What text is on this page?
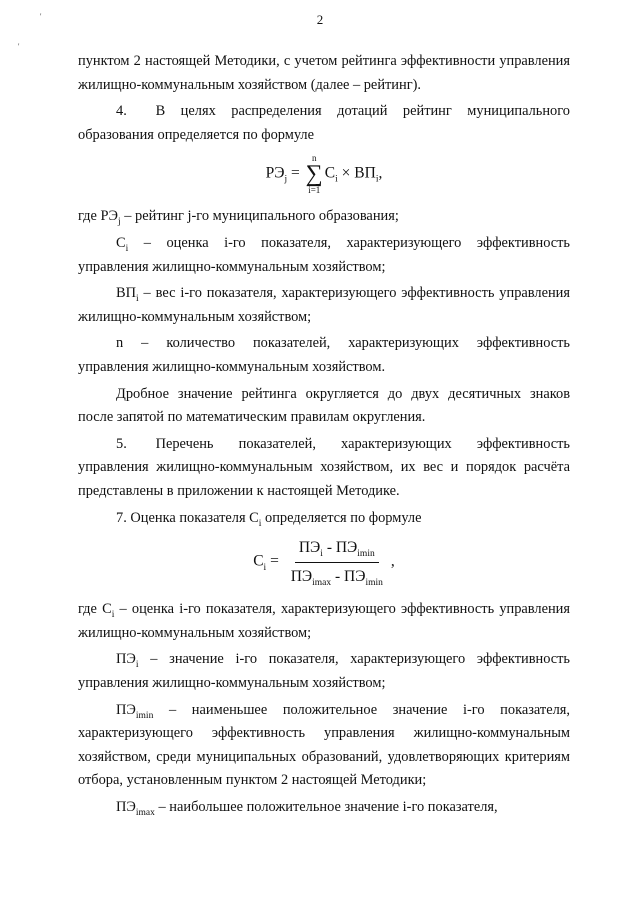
2
'
'

пунктом 2 настоящей Методики, с учетом рейтинга эффективности управления жилищно-коммунальным хозяйством (далее – рейтинг).

4.   В целях распределения дотаций рейтинг муниципального образования определяется по формуле

$РЭ_j$ =
n
∑
i=1
$C_i \times ВП_i$,

где $РЭ_j$ – рейтинг j-го муниципального образования;

$C_i$ – оценка i-го показателя, характеризующего эффективность управления жилищно-коммунальным хозяйством;

$ВП_i$ – вес i-го показателя, характеризующего эффективность управления жилищно-коммунальным хозяйством;

n – количество показателей, характеризующих эффективность управления жилищно-коммунальным хозяйством.

Дробное значение рейтинга округляется до двух десятичных знаков после запятой по математическим правилам округления.

5.   Перечень показателей, характеризующих эффективность управления жилищно-коммунальным хозяйством, их вес и порядок расчёта представлены в приложении к настоящей Методике.

7. Оценка показателя $C_i$ определяется по формуле

$C_i = \frac{ПЭ_i - ПЭ_{imin}}{ПЭ_{imax} - ПЭ_{imin}}$ ,

где $C_i$ – оценка i-го показателя, характеризующего эффективность управления жилищно-коммунальным хозяйством;

$ПЭ_i$ – значение i-го показателя, характеризующего эффективность управления жилищно-коммунальным хозяйством;

$ПЭ_{imin}$ – наименьшее положительное значение i-го показателя, характеризующего эффективность управления жилищно-коммунальным хозяйством, среди муниципальных образований, удовлетворяющих критериям отбора, установленным пунктом 2 настоящей Методики;

$ПЭ_{imax}$ – наибольшее положительное значение i-го показателя,
